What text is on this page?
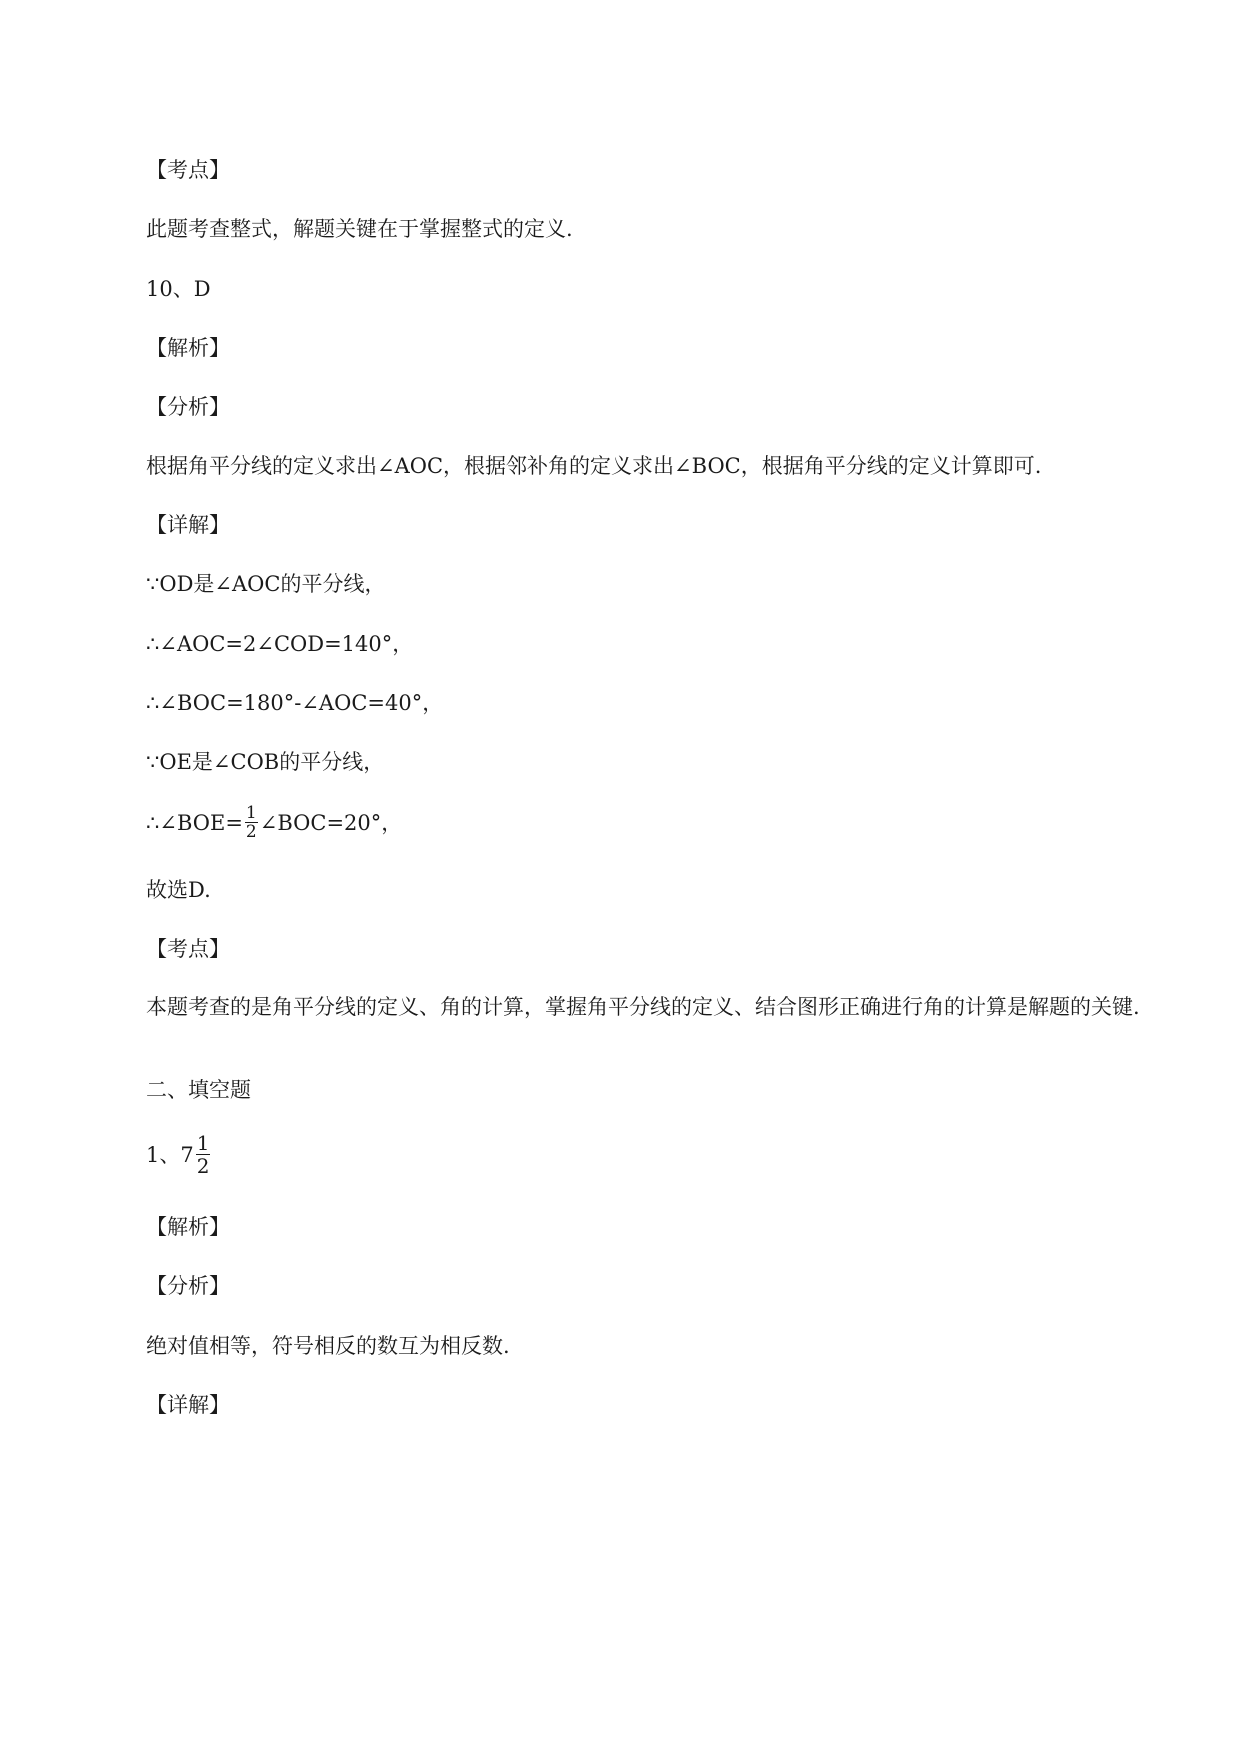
【考点】
此题考查整式，解题关键在于掌握整式的定义.
10、D
【解析】
【分析】
根据角平分线的定义求出∠AOC，根据邻补角的定义求出∠BOC，根据角平分线的定义计算即可.
【详解】
∵OD是∠AOC的平分线，
∴∠AOC=2∠COD=140°，
∴∠BOC=180°-∠AOC=40°，
∵OE是∠COB的平分线，
∴∠BOE= $\frac{1}{2}$ ∠BOC=20°，
故选D.
【考点】
本题考查的是角平分线的定义、角的计算，掌握角平分线的定义、结合图形正确进行角的计算是解题的关键.
二、填空题
1、$7 \frac{1}{2}$
【解析】
【分析】
绝对值相等，符号相反的数互为相反数.
【详解】
